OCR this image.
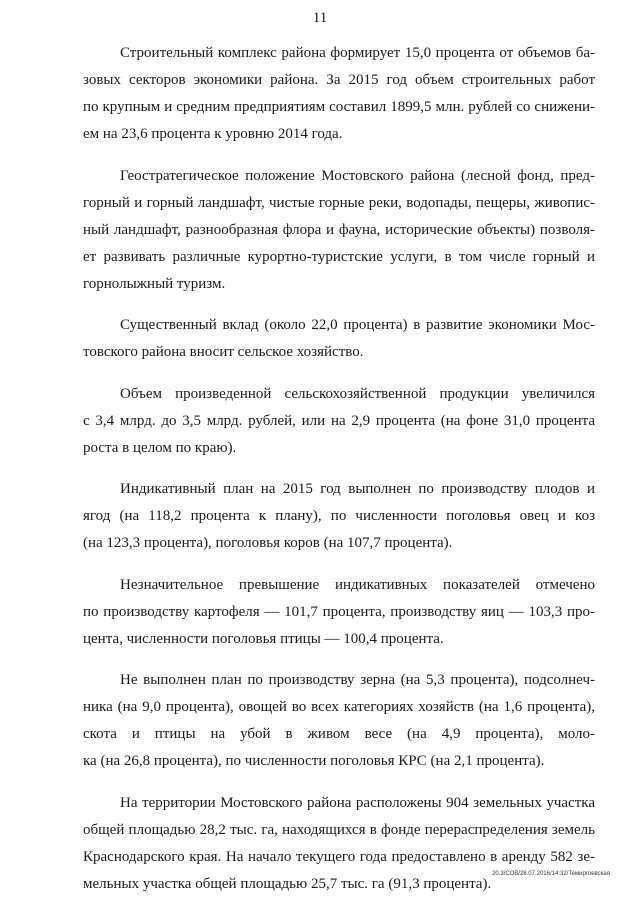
11

Строительный комплекс района формирует 15,0 процента от объемов ба-
зовых секторов экономики района. За 2015 год объем строительных работ
по крупным и средним предприятиям составил 1899,5 млн. рублей со снижени-
ем на 23,6 процента к уровню 2014 года.

Геостратегическое положение Мостовского района (лесной фонд, пред-
горный и горный ландшафт, чистые горные реки, водопады, пещеры, живопис-
ный ландшафт, разнообразная флора и фауна, исторические объекты) позволя-
ет развивать различные курортно-туристские услуги, в том числе горный и
горнолыжный туризм.

Существенный вклад (около 22,0 процента) в развитие экономики Мос-
товского района вносит сельское хозяйство.

Объем произведенной сельскохозяйственной продукции увеличился
с 3,4 млрд. до 3,5 млрд. рублей, или на 2,9 процента (на фоне 31,0 процента
роста в целом по краю).

Индикативный план на 2015 год выполнен по производству плодов и
ягод (на 118,2 процента к плану), по численности поголовья овец и коз
(на 123,3 процента), поголовья коров (на 107,7 процента).

Незначительное превышение индикативных показателей отмечено
по производству картофеля — 101,7 процента, производству яиц — 103,3 про-
цента, численности поголовья птицы — 100,4 процента.

Не выполнен план по производству зерна (на 5,3 процента), подсолнеч-
ника (на 9,0 процента), овощей во всех категориях хозяйств (на 1,6 процента),
скота и птицы на убой в живом весе (на 4,9 процента), моло-
ка (на 26,8 процента), по численности поголовья КРС (на 2,1 процента).

На территории Мостовского района расположены 904 земельных участка
общей площадью 28,2 тыс. га, находящихся в фонде перераспределения земель
Краснодарского края. На начало текущего года предоставлено в аренду 582 зе-
мельных участка общей площадью 25,7 тыс. га (91,3 процента).

20.3/СОВ/28.07.2016/14:32/Темиргоевская
